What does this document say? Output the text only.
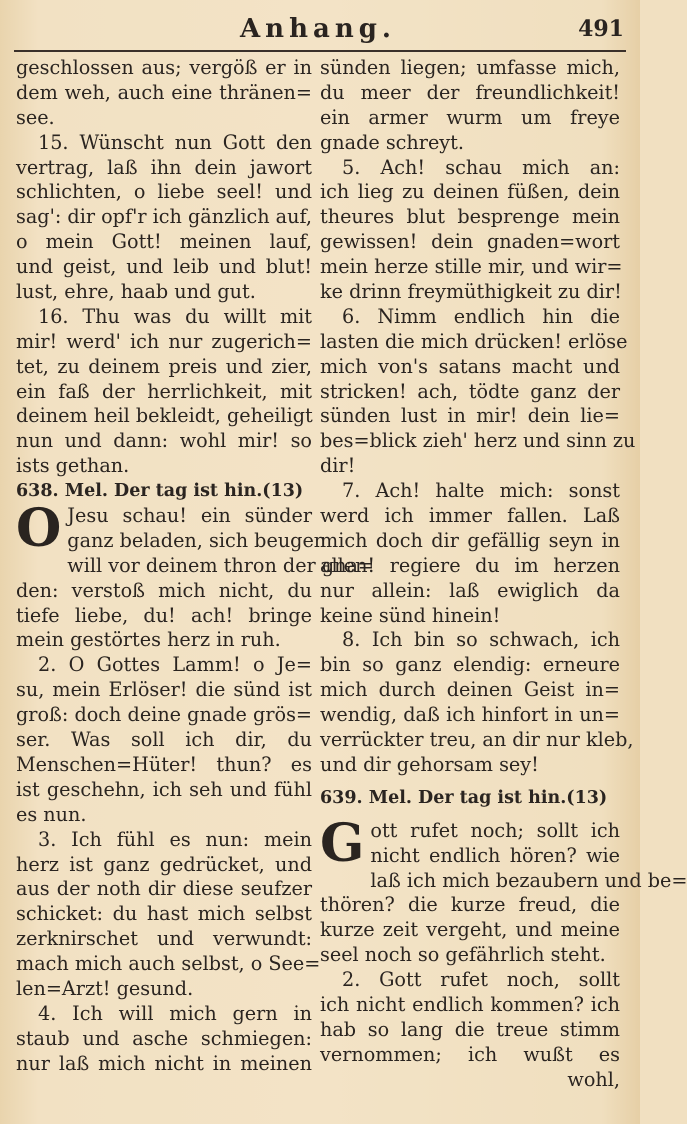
Anhang.	491
geschlossen aus; vergöß er in
dem weh, auch eine thränen=
see.
15. Wünscht nun Gott den
vertrag, laß ihn dein jawort
schlichten, o liebe seel! und
sag': dir opf'r ich gänzlich auf,
o mein Gott! meinen lauf,
und geist, und leib und blut!
lust, ehre, haab und gut.
16. Thu was du willt mit
mir! werd' ich nur zugerich=
tet, zu deinem preis und zier,
ein faß der herrlichkeit, mit
deinem heil bekleidt, geheiligt
nun und dann: wohl mir! so
ists gethan.
638. Mel. Der tag ist hin.(13)
O Jesu schau! ein sünder
ganz beladen, sich beugen
will vor deinem thron der gna=
den: verstoß mich nicht, du
tiefe liebe, du! ach! bringe
mein gestörtes herz in ruh.
2. O Gottes Lamm! o Je=
su, mein Erlöser! die sünd ist
groß: doch deine gnade grös=
ser. Was soll ich dir, du
Menschen=Hüter! thun? es
ist geschehn, ich seh und fühl
es nun.
3. Ich fühl es nun: mein
herz ist ganz gedrücket, und
aus der noth dir diese seufzer
schicket: du hast mich selbst
zerknirschet und verwundt:
mach mich auch selbst, o See=
len=Arzt! gesund.
4. Ich will mich gern in
staub und asche schmiegen:
nur laß mich nicht in meinen
sünden liegen; umfasse mich,
du meer der freundlichkeit!
ein armer wurm um freye
gnade schreyt.
5. Ach! schau mich an:
ich lieg zu deinen füßen, dein
theures blut besprenge mein
gewissen! dein gnaden=wort
mein herze stille mir, und wir=
ke drinn freymüthigkeit zu dir!
6. Nimm endlich hin die
lasten die mich drücken! erlöse
mich von's satans macht und
stricken! ach, tödte ganz der
sünden lust in mir! dein lie=
bes=blick zieh' herz und sinn zu
dir!
7. Ach! halte mich: sonst
werd ich immer fallen. Laß
mich doch dir gefällig seyn in
allen! regiere du im herzen
nur allein: laß ewiglich da
keine sünd hinein!
8. Ich bin so schwach, ich
bin so ganz elendig: erneure
mich durch deinen Geist in=
wendig, daß ich hinfort in un=
verrückter treu, an dir nur kleb,
und dir gehorsam sey!
639. Mel. Der tag ist hin.(13)
G ott rufet noch; sollt ich
nicht endlich hören? wie
laß ich mich bezaubern und be=
thören? die kurze freud, die
kurze zeit vergeht, und meine
seel noch so gefährlich steht.
2. Gott rufet noch, sollt
ich nicht endlich kommen? ich
hab so lang die treue stimm
vernommen; ich wußt es
wohl,
